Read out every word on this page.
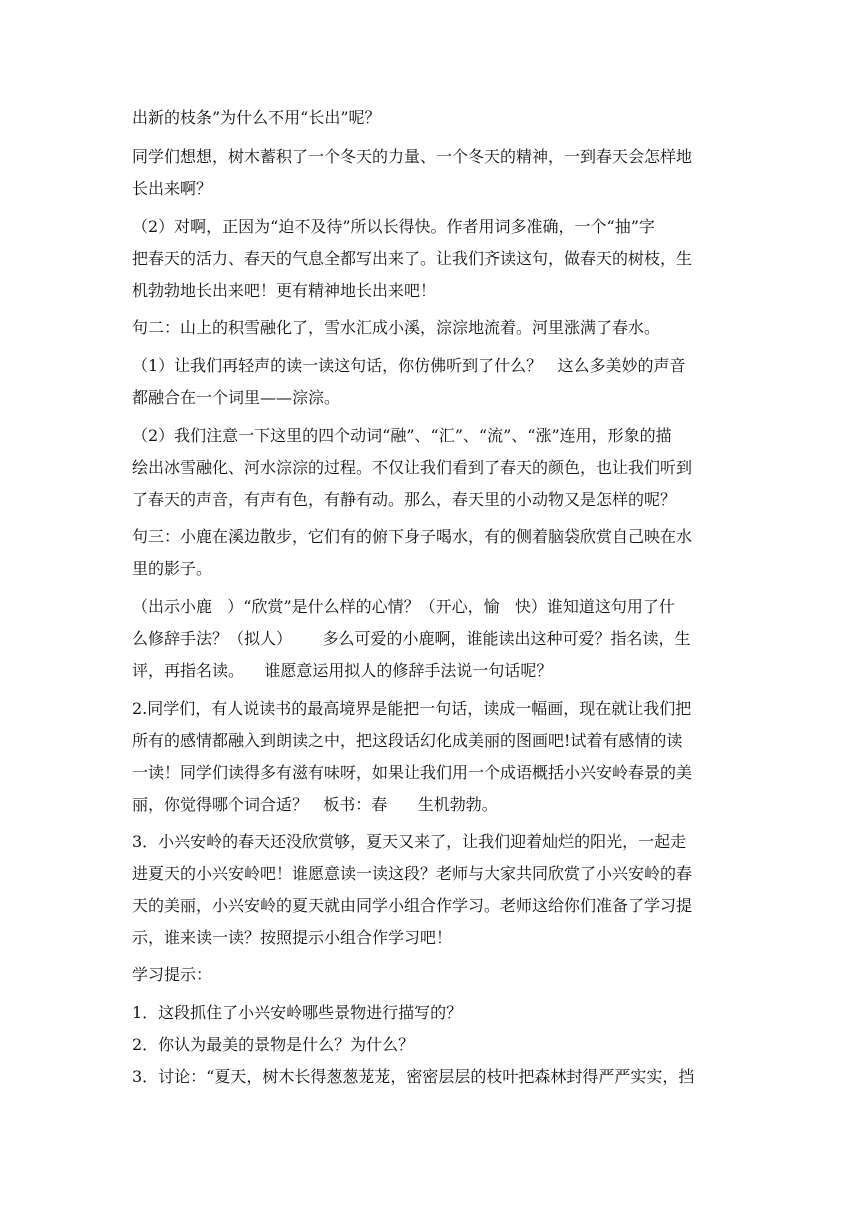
出新的枝条”为什么不用“长出”呢？
同学们想想，树木蓄积了一个冬天的力量、一个冬天的精神，一到春天会怎样地
长出来啊？
（2）对啊，正因为“迫不及待”所以长得快。作者用词多准确，一个“抽”字
把春天的活力、春天的气息全都写出来了。让我们齐读这句，做春天的树枝，生
机勃勃地长出来吧！更有精神地长出来吧！
句二：山上的积雪融化了，雪水汇成小溪，淙淙地流着。河里涨满了春水。
（1）让我们再轻声的读一读这句话，你仿佛听到了什么？   这么多美妙的声音
都融合在一个词里——淙淙。
（2）我们注意一下这里的四个动词“融”、“汇”、“流”、“涨”连用，形象的描
绘出冰雪融化、河水淙淙的过程。不仅让我们看到了春天的颜色，也让我们听到
了春天的声音，有声有色，有静有动。那么，春天里的小动物又是怎样的呢？
句三：小鹿在溪边散步，它们有的俯下身子喝水，有的侧着脑袋欣赏自己映在水
里的影子。
（出示小鹿   ）“欣赏”是什么样的心情？（开心，愉   快）谁知道这句用了什
么修辞手法？（拟人）      多么可爱的小鹿啊，谁能读出这种可爱？指名读，生
评，再指名读。    谁愿意运用拟人的修辞手法说一句话呢？
2.同学们，有人说读书的最高境界是能把一句话，读成一幅画，现在就让我们把
所有的感情都融入到朗读之中，把这段话幻化成美丽的图画吧!试着有感情的读
一读！同学们读得多有滋有味呀，如果让我们用一个成语概括小兴安岭春景的美
丽，你觉得哪个词合适？   板书：春      生机勃勃。
3．小兴安岭的春天还没欣赏够，夏天又来了，让我们迎着灿烂的阳光，一起走
进夏天的小兴安岭吧！谁愿意读一读这段？老师与大家共同欣赏了小兴安岭的春
天的美丽，小兴安岭的夏天就由同学小组合作学习。老师这给你们准备了学习提
示，谁来读一读？按照提示小组合作学习吧！
学习提示：
1．这段抓住了小兴安岭哪些景物进行描写的？
2．你认为最美的景物是什么？为什么？
3．讨论：“夏天，树木长得葱葱茏茏，密密层层的枝叶把森林封得严严实实，挡
